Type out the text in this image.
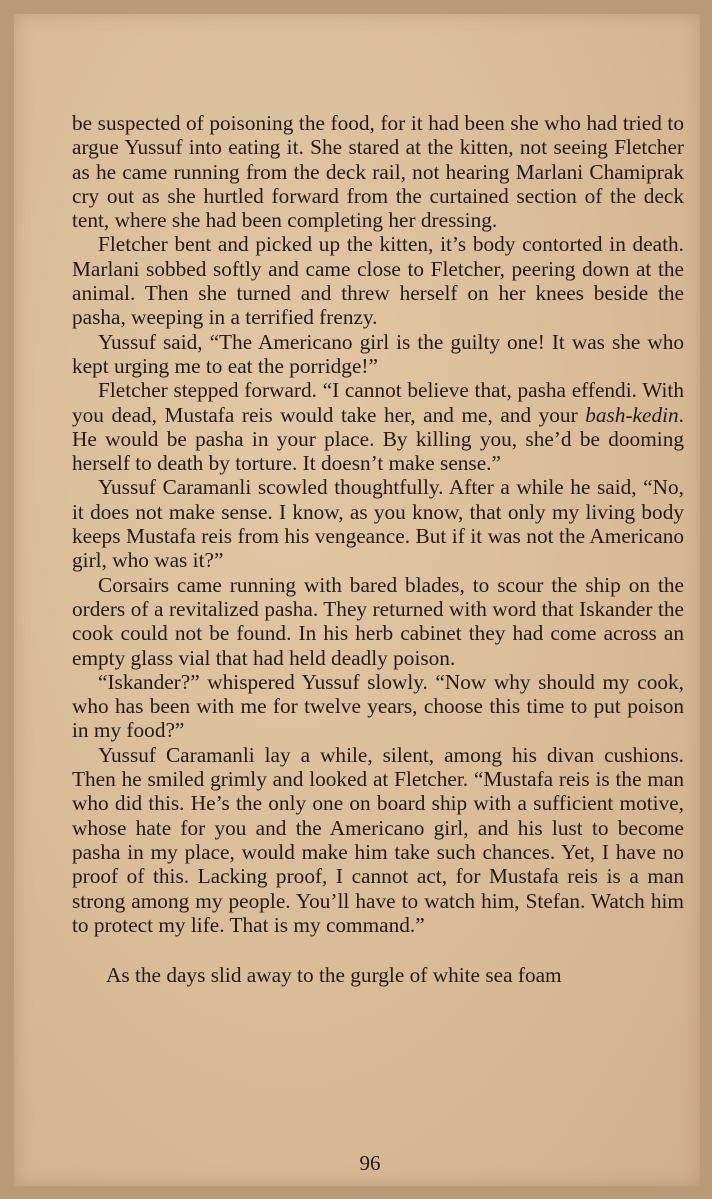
be suspected of poisoning the food, for it had been she who had tried to argue Yussuf into eating it. She stared at the kitten, not seeing Fletcher as he came running from the deck rail, not hearing Marlani Chamiprak cry out as she hurtled forward from the curtained section of the deck tent, where she had been completing her dressing.

Fletcher bent and picked up the kitten, it’s body contorted in death. Marlani sobbed softly and came close to Fletcher, peering down at the animal. Then she turned and threw herself on her knees beside the pasha, weeping in a terrified frenzy.

Yussuf said, “The Americano girl is the guilty one! It was she who kept urging me to eat the porridge!”

Fletcher stepped forward. “I cannot believe that, pasha effendi. With you dead, Mustafa reis would take her, and me, and your bash-kedin. He would be pasha in your place. By killing you, she’d be dooming herself to death by torture. It doesn’t make sense.”

Yussuf Caramanli scowled thoughtfully. After a while he said, “No, it does not make sense. I know, as you know, that only my living body keeps Mustafa reis from his vengeance. But if it was not the Americano girl, who was it?”

Corsairs came running with bared blades, to scour the ship on the orders of a revitalized pasha. They returned with word that Iskander the cook could not be found. In his herb cabinet they had come across an empty glass vial that had held deadly poison.

“Iskander?” whispered Yussuf slowly. “Now why should my cook, who has been with me for twelve years, choose this time to put poison in my food?”

Yussuf Caramanli lay a while, silent, among his divan cushions. Then he smiled grimly and looked at Fletcher. “Mustafa reis is the man who did this. He’s the only one on board ship with a sufficient motive, whose hate for you and the Americano girl, and his lust to become pasha in my place, would make him take such chances. Yet, I have no proof of this. Lacking proof, I cannot act, for Mustafa reis is a man strong among my people. You’ll have to watch him, Stefan. Watch him to protect my life. That is my command.”

As the days slid away to the gurgle of white sea foam

96
